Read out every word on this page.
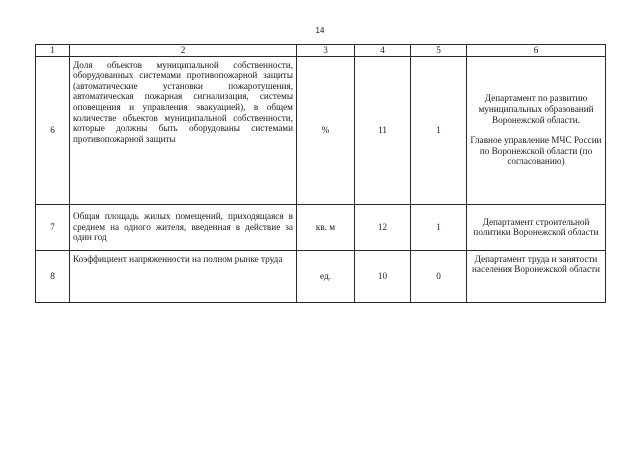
14
1	2	3	4	5	6
6	Доля объектов муниципальной собственности, оборудованных системами противопожарной защиты (автоматические установки пожаротушения, автоматическая пожарная сигнализация, системы оповещения и управления эвакуацией), в общем количестве объектов муниципальной собственности, которые должны быть оборудованы системами противопожарной защиты	%	11	1	Департамент по развитию муниципальных образований Воронежской области.
Главное управление МЧС России по Воронежской области (по согласованию)
7	Общая площадь жилых помещений, приходящаяся в среднем на одного жителя, введенная в действие за один год	кв. м	12	1	Департамент строительной политики Воронежской области
8	Коэффициент напряженности на полном рынке труда	ед.	10	0	Департамент труда и занятости населения Воронежской области
